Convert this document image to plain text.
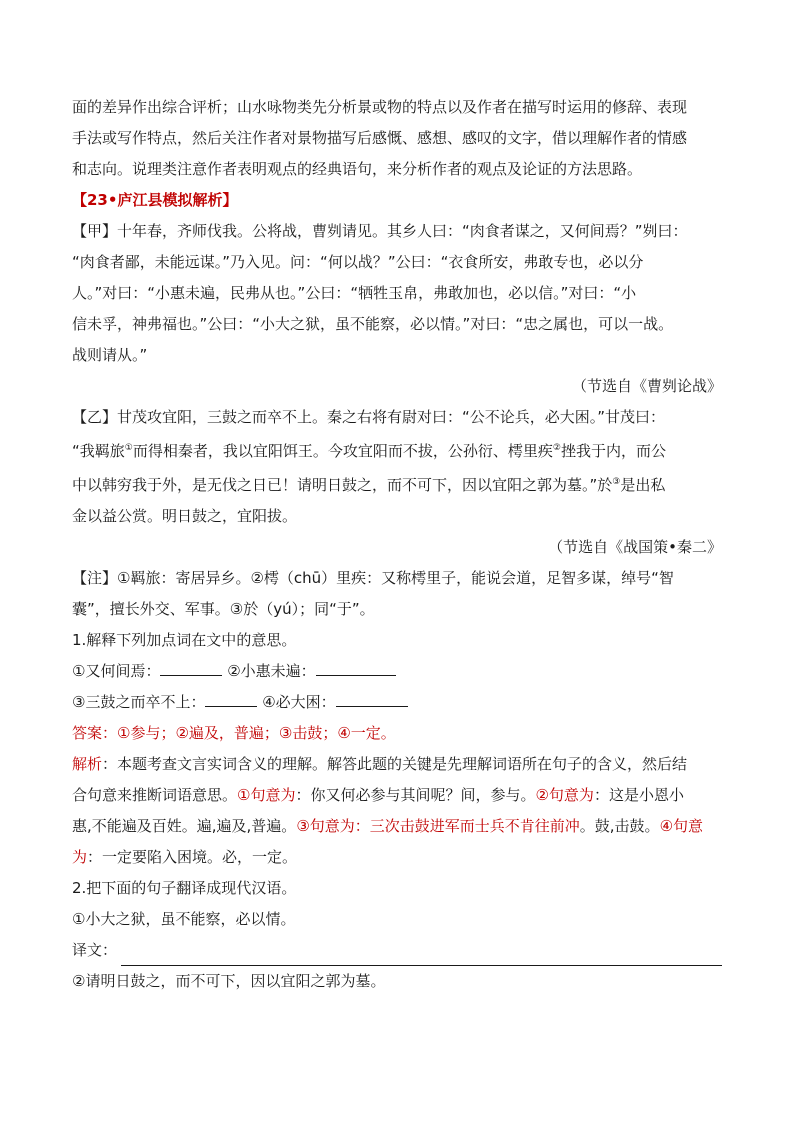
面的差异作出综合评析；山水咏物类先分析景或物的特点以及作者在描写时运用的修辞、表现

手法或写作特点，然后关注作者对景物描写后感慨、感想、感叹的文字，借以理解作者的情感

和志向。说理类注意作者表明观点的经典语句，来分析作者的观点及论证的方法思路。

【23•庐江县模拟解析】

【甲】十年春，齐师伐我。公将战，曹刿请见。其乡人曰：“肉食者谋之，又何间焉？”刿曰：

“肉食者鄙，未能远谋。”乃入见。问：“何以战？”公曰：“衣食所安，弗敢专也，必以分

人。”对曰：“小惠未遍，民弗从也。”公曰：“牺牲玉帛，弗敢加也，必以信。”对曰：“小

信未孚，神弗福也。”公曰：“小大之狱，虽不能察，必以情。”对曰：“忠之属也，可以一战。

战则请从。”

（节选自《曹刿论战》

【乙】甘茂攻宜阳，三鼓之而卒不上。秦之右将有尉对曰：“公不论兵，必大困。”甘茂曰：

“我羁旅①而得相秦者，我以宜阳饵王。今攻宜阳而不拔，公孙衍、樗里疾②挫我于内，而公

中以韩穷我于外，是无伐之日已！请明日鼓之，而不可下，因以宜阳之郭为墓。”於③是出私

金以益公赏。明日鼓之，宜阳拔。

（节选自《战国策•秦二》

【注】①羁旅：寄居异乡。②樗（chū）里疾：又称樗里子，能说会道，足智多谋，绰号“智

囊”，擅长外交、军事。③於（yú）；同“于”。

1.解释下列加点词在文中的意思。

①又何间焉：	②小惠未遍：

③三鼓之而卒不上：	④必大困：

答案：①参与；②遍及，普遍；③击鼓；④一定。

解析：本题考查文言实词含义的理解。解答此题的关键是先理解词语所在句子的含义，然后结

合句意来推断词语意思。①句意为：你又何必参与其间呢？间，参与。②句意为：这是小恩小

惠,不能遍及百姓。遍,遍及,普遍。③句意为：三次击鼓进军而士兵不肯往前冲。鼓,击鼓。④句意

为：一定要陷入困境。必，一定。

2.把下面的句子翻译成现代汉语。

①小大之狱，虽不能察，必以情。

译文：

②请明日鼓之，而不可下，因以宜阳之郭为墓。
